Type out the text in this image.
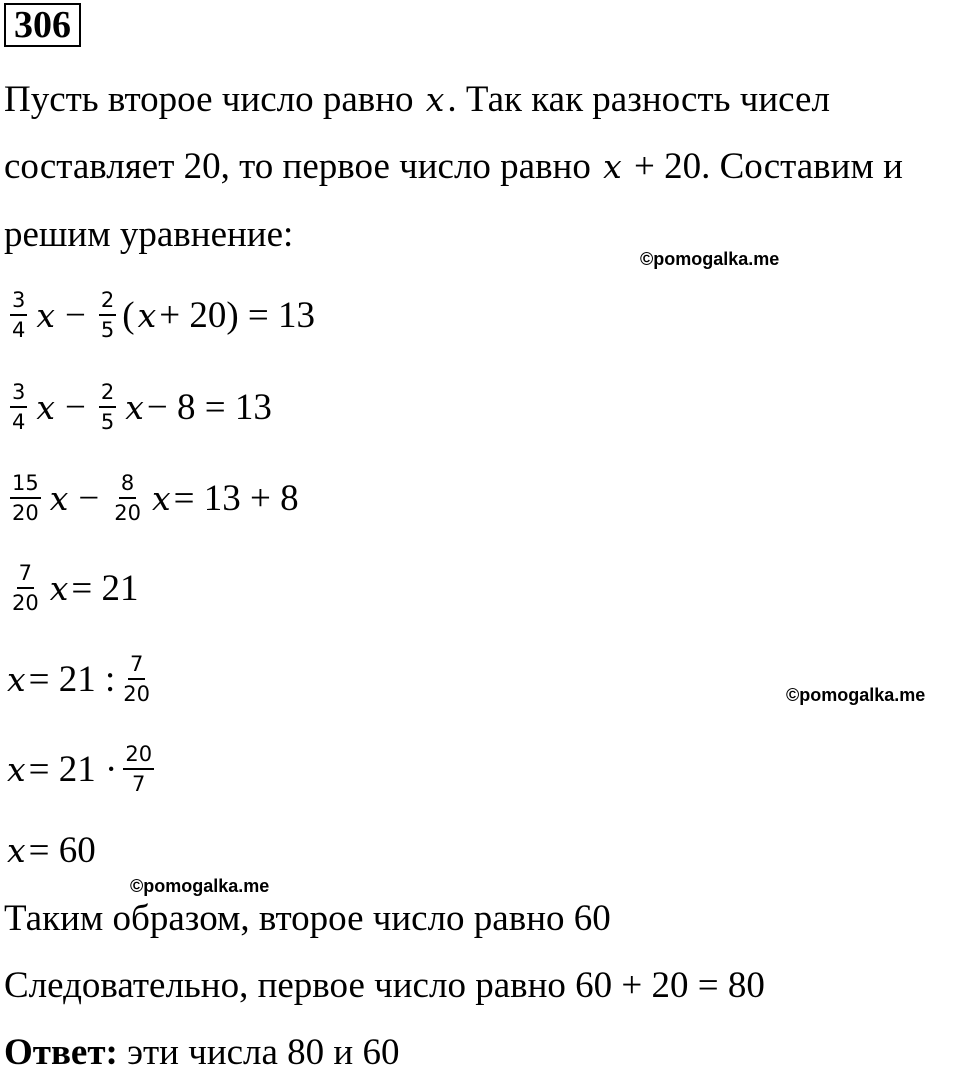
306
Пусть второе число равно x. Так как разность чисел
составляет 20, то первое число равно x + 20. Составим и
решим уравнение:
©pomogalka.me
$\frac{3}{4}$ $x - \frac{2}{5}$ ( x + 20) = 13
$\frac{3}{4}$ $x - \frac{2}{5}$ x − 8 = 13
$\frac{15}{20}$ $x - \frac{8}{20}$ x = 13 + 8
$\frac{7}{20}$ x = 21
x = 21 : $\frac{7}{20}$	©pomogalka.me
$x = 21 \cdot \frac{20}{7}$
x = 60
©pomogalka.me
Таким образом, второе число равно 60
Следовательно, первое число равно 60 + 20 = 80
Ответ: эти числа 80 и 60
